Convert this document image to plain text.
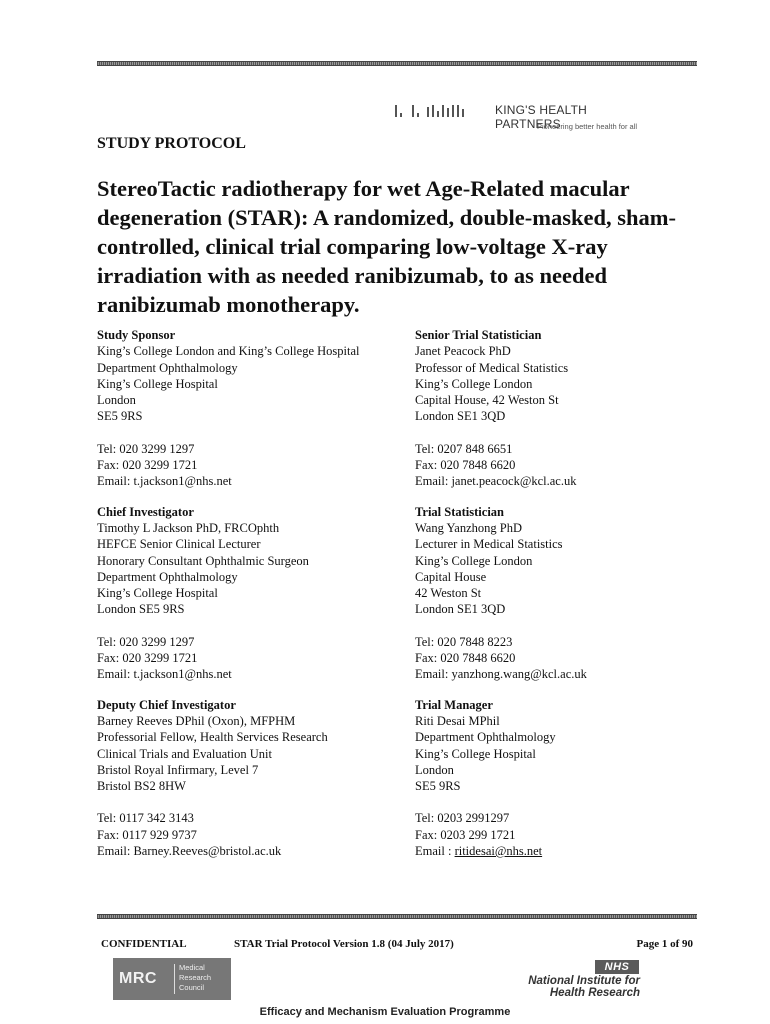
KING'S HEALTH PARTNERS
Pioneering better health for all
STUDY PROTOCOL
StereoTactic radiotherapy for wet Age-Related macular degeneration (STAR): A randomized, double-masked, sham-controlled, clinical trial comparing low-voltage X-ray irradiation with as needed ranibizumab, to as needed ranibizumab monotherapy.
Study Sponsor
King’s College London and King’s College Hospital
Department Ophthalmology
King’s College Hospital
London
SE5 9RS
Tel: 020 3299 1297
Fax: 020 3299 1721
Email: t.jackson1@nhs.net
Senior Trial Statistician
Janet Peacock PhD
Professor of Medical Statistics
King’s College London
Capital House, 42 Weston St
London SE1 3QD
Tel: 0207 848 6651
Fax: 020 7848 6620
Email: janet.peacock@kcl.ac.uk
Chief Investigator
Timothy L Jackson PhD, FRCOphth
HEFCE Senior Clinical Lecturer
Honorary Consultant Ophthalmic Surgeon
Department Ophthalmology
King’s College Hospital
London SE5 9RS
Tel: 020 3299 1297
Fax: 020 3299 1721
Email: t.jackson1@nhs.net
Trial Statistician
Wang Yanzhong PhD
Lecturer in Medical Statistics
King’s College London
Capital House
42 Weston St
London SE1 3QD
Tel: 020 7848 8223
Fax: 020 7848 6620
Email: yanzhong.wang@kcl.ac.uk
Deputy Chief Investigator
Barney Reeves DPhil (Oxon), MFPHM
Professorial Fellow, Health Services Research
Clinical Trials and Evaluation Unit
Bristol Royal Infirmary, Level 7
Bristol BS2 8HW
Tel: 0117 342 3143
Fax: 0117 929 9737
Email: Barney.Reeves@bristol.ac.uk
Trial Manager
Riti Desai MPhil
Department Ophthalmology
King’s College Hospital
London
SE5 9RS
Tel: 0203 2991297
Fax: 0203 299 1721
Email : ritidesai@nhs.net
CONFIDENTIAL	STAR Trial Protocol Version 1.8 (04 July 2017)	Page 1 of 90
MRC
Medical
Research
Council
NHS
National Institute for
Health Research
Efficacy and Mechanism Evaluation Programme
